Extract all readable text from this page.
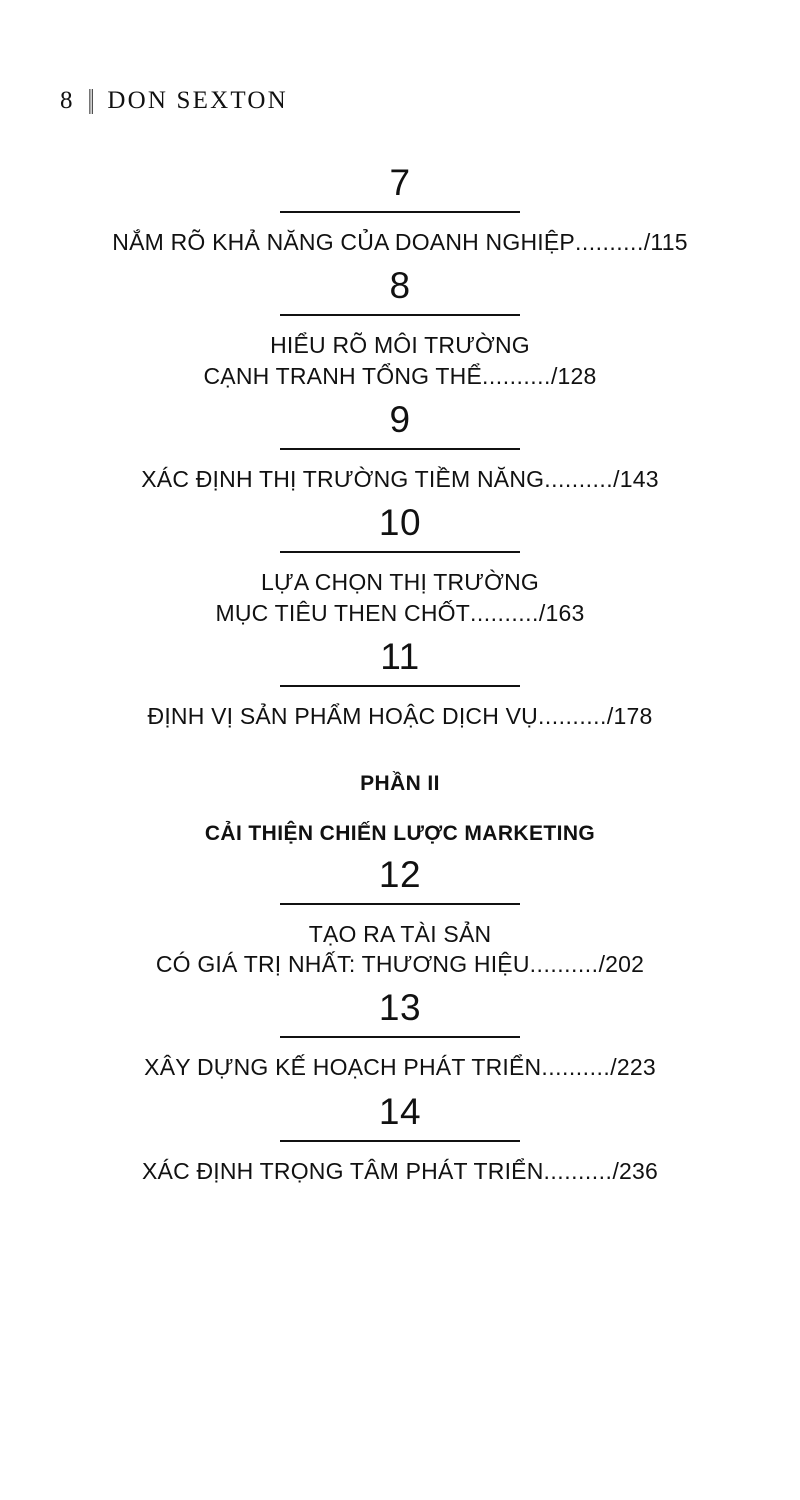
8 || DON SEXTON
7
NẮM RÕ KHẢ NĂNG CỦA DOANH NGHIỆP........../115
8
HIỂU RÕ MÔI TRƯỜNG
CẠNH TRANH TỔNG THỂ........../128
9
XÁC ĐỊNH THỊ TRƯỜNG TIỀM NĂNG........../143
10
LỰA CHỌN THỊ TRƯỜNG
MỤC TIÊU THEN CHỐT........../163
11
ĐỊNH VỊ SẢN PHẨM HOẬC DỊCH VỤ........../178
PHẦN II
CẢI THIỆN CHIẾN LƯỢC MARKETING
12
TẠO RA TÀI SẢN
CÓ GIÁ TRỊ NHẤT: THƯƠNG HIỆU........../202
13
XÂY DỰNG KẾ HOẠCH PHÁT TRIỂN........../223
14
XÁC ĐỊNH TRỌNG TÂM PHÁT TRIỂN........../236
